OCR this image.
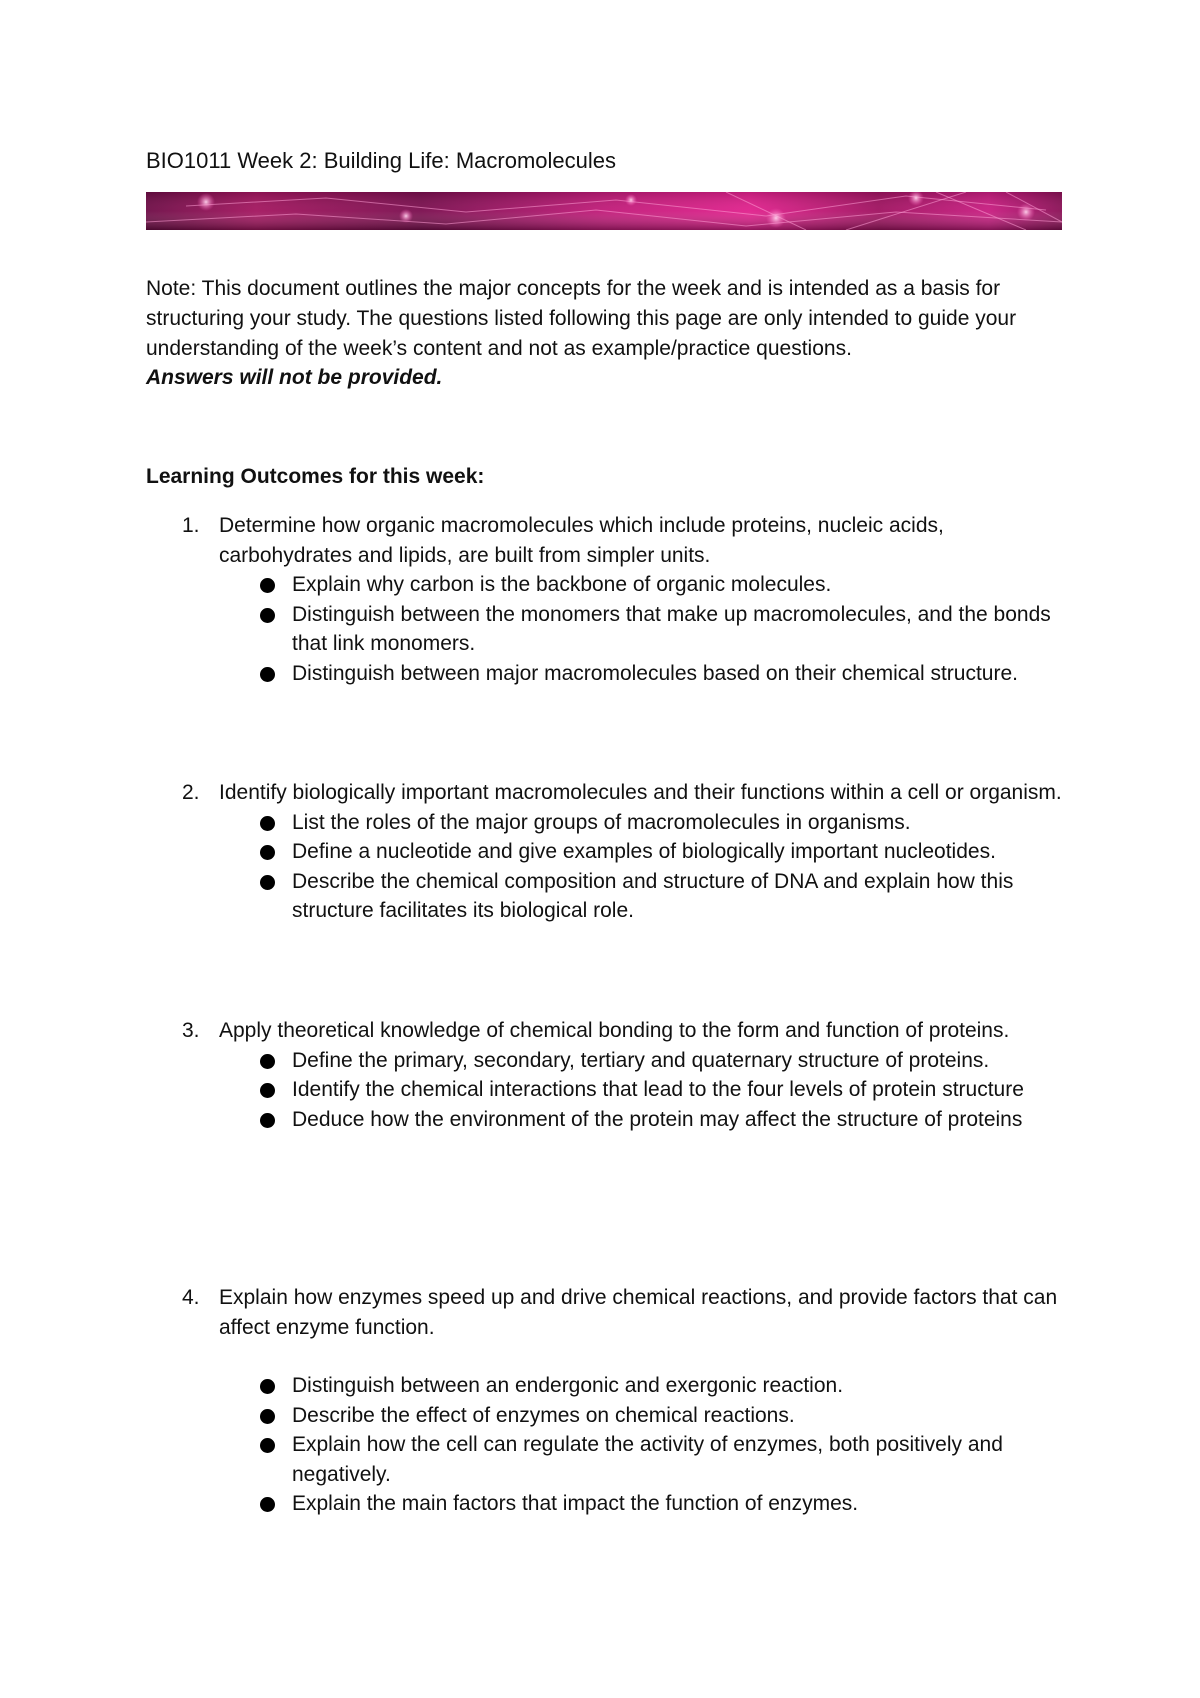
BIO1011 Week 2: Building Life: Macromolecules
Note: This document outlines the major concepts for the week and is intended as a basis for structuring your study. The questions listed following this page are only intended to guide your understanding of the week’s content and not as example/practice questions.
Answers will not be provided.
Learning Outcomes for this week:
1. Determine how organic macromolecules which include proteins, nucleic acids, carbohydrates and lipids, are built from simpler units.
Explain why carbon is the backbone of organic molecules.
Distinguish between the monomers that make up macromolecules, and the bonds that link monomers.
Distinguish between major macromolecules based on their chemical structure.
2. Identify biologically important macromolecules and their functions within a cell or organism.
List the roles of the major groups of macromolecules in organisms.
Define a nucleotide and give examples of biologically important nucleotides.
Describe the chemical composition and structure of DNA and explain how this structure facilitates its biological role.
3. Apply theoretical knowledge of chemical bonding to the form and function of proteins.
Define the primary, secondary, tertiary and quaternary structure of proteins.
Identify the chemical interactions that lead to the four levels of protein structure
Deduce how the environment of the protein may affect the structure of proteins
4. Explain how enzymes speed up and drive chemical reactions, and provide factors that can affect enzyme function.
Distinguish between an endergonic and exergonic reaction.
Describe the effect of enzymes on chemical reactions.
Explain how the cell can regulate the activity of enzymes, both positively and negatively.
Explain the main factors that impact the function of enzymes.
